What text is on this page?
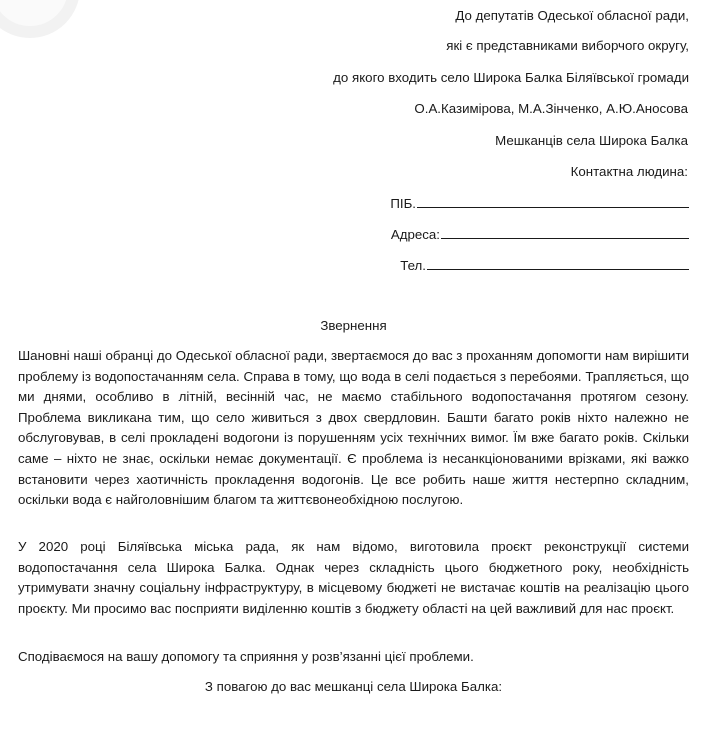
До депутатів Одеської обласної ради,
які є представниками виборчого округу,
до якого входить село Широка Балка Біляївської громади
О.А.Казимірова, М.А.Зінченко, А.Ю.Аносова
Мешканців села Широка Балка
Контактна людина:
ПІБ.
Адреса:
Тел.
Звернення
Шановні наші обранці до Одеської обласної ради, звертаємося до вас з проханням допомогти нам вирішити проблему із водопостачанням села. Справа в тому, що вода в селі подається з перебоями. Трапляється, що ми днями, особливо в літній, весінній час, не маємо стабільного водопостачання протягом сезону. Проблема викликана тим, що село живиться з двох свердловин. Башти багато років ніхто належно не обслуговував, в селі прокладені водогони із порушенням усіх технічних вимог. Їм вже багато років. Скільки саме – ніхто не знає, оскільки немає документації. Є проблема із несанкціонованими врізками, які важко встановити через хаотичність прокладення водогонів. Це все робить наше життя нестерпно складним, оскільки вода є найголовнішим благом та життєвонеобхідною послугою.
У 2020 році Біляївська міська рада, як нам відомо, виготовила проєкт реконструкції системи водопостачання села Широка Балка. Однак через складність цього бюджетного року, необхідність утримувати значну соціальну інфраструктуру, в місцевому бюджеті не вистачає коштів на реалізацію цього проєкту. Ми просимо вас посприяти виділенню коштів з бюджету області на цей важливий для нас проєкт.
Сподіваємося на вашу допомогу та сприяння у розв’язанні цієї проблеми.
З повагою до вас мешканці села Широка Балка:
